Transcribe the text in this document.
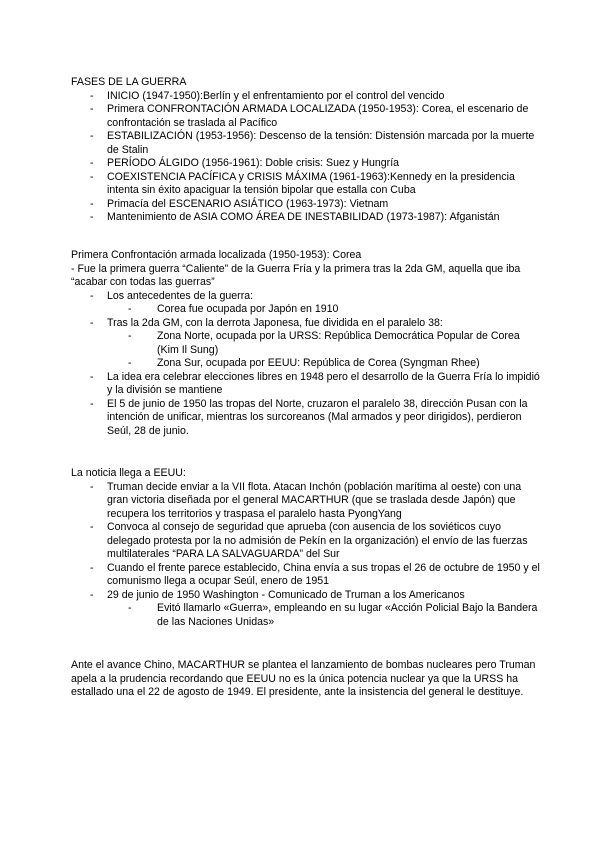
FASES DE LA GUERRA

- INICIO (1947-1950):Berlín y el enfrentamiento por el control del vencido
- Primera CONFRONTACIÓN ARMADA LOCALIZADA (1950-1953): Corea, el escenario de confrontación se traslada al Pacífico
- ESTABILIZACIÓN (1953-1956): Descenso de la tensión: Distensión marcada por la muerte de Stalin
- PERÍODO ÁLGIDO (1956-1961): Doble crisis: Suez y Hungría
- COEXISTENCIA PACÍFICA y CRISIS MÁXIMA (1961-1963):Kennedy en la presidencia intenta sin éxito apaciguar la tensión bipolar que estalla con Cuba
- Primacía del ESCENARIO ASIÁTICO (1963-1973): Vietnam
- Mantenimiento de ASIA COMO ÁREA DE INESTABILIDAD (1973-1987): Afganistán

Primera Confrontación armada localizada (1950-1953): Corea

- Fue la primera guerra “Caliente” de la Guerra Fría y la primera tras la 2da GM, aquella que iba “acabar con todas las guerras”

- Los antecedentes de la guerra:
- Corea fue ocupada por Japón en 1910
- Tras la 2da GM, con la derrota Japonesa, fue dividida en el paralelo 38:
- Zona Norte, ocupada por la URSS: República Democrática Popular de Corea (Kim Il Sung)
- Zona Sur, ocupada por EEUU: República de Corea (Syngman Rhee)
- La idea era celebrar elecciones libres en 1948 pero el desarrollo de la Guerra Fría lo impidió y la división se mantiene
- El 5 de junio de 1950 las tropas del Norte, cruzaron el paralelo 38, dirección Pusan con la intención de unificar, mientras los surcoreanos (Mal armados y peor dirigidos), perdieron Seúl, 28 de junio.

La noticia llega a EEUU:

- Truman decide enviar a la VII flota. Atacan Inchón (población marítima al oeste) con una gran victoria diseñada por el general MACARTHUR (que se traslada desde Japón) que recupera los territorios y traspasa el paralelo hasta PyongYang
- Convoca al consejo de seguridad que aprueba (con ausencia de los soviéticos cuyo delegado protesta por la no admisión de Pekín en la organización) el envío de las fuerzas multilaterales “PARA LA SALVAGUARDA” del Sur
- Cuando el frente parece establecido, China envía a sus tropas el 26 de octubre de 1950 y el comunismo llega a ocupar Seúl, enero de 1951
- 29 de junio de 1950 Washington - Comunicado de Truman a los Americanos
- Evitó llamarlo «Guerra», empleando en su lugar «Acción Policial Bajo la Bandera de las Naciones Unidas»

Ante el avance Chino, MACARTHUR se plantea el lanzamiento de bombas nucleares pero Truman apela a la prudencia recordando que EEUU no es la única potencia nuclear ya que la URSS ha estallado una el 22 de agosto de 1949. El presidente, ante la insistencia del general le destituye.
